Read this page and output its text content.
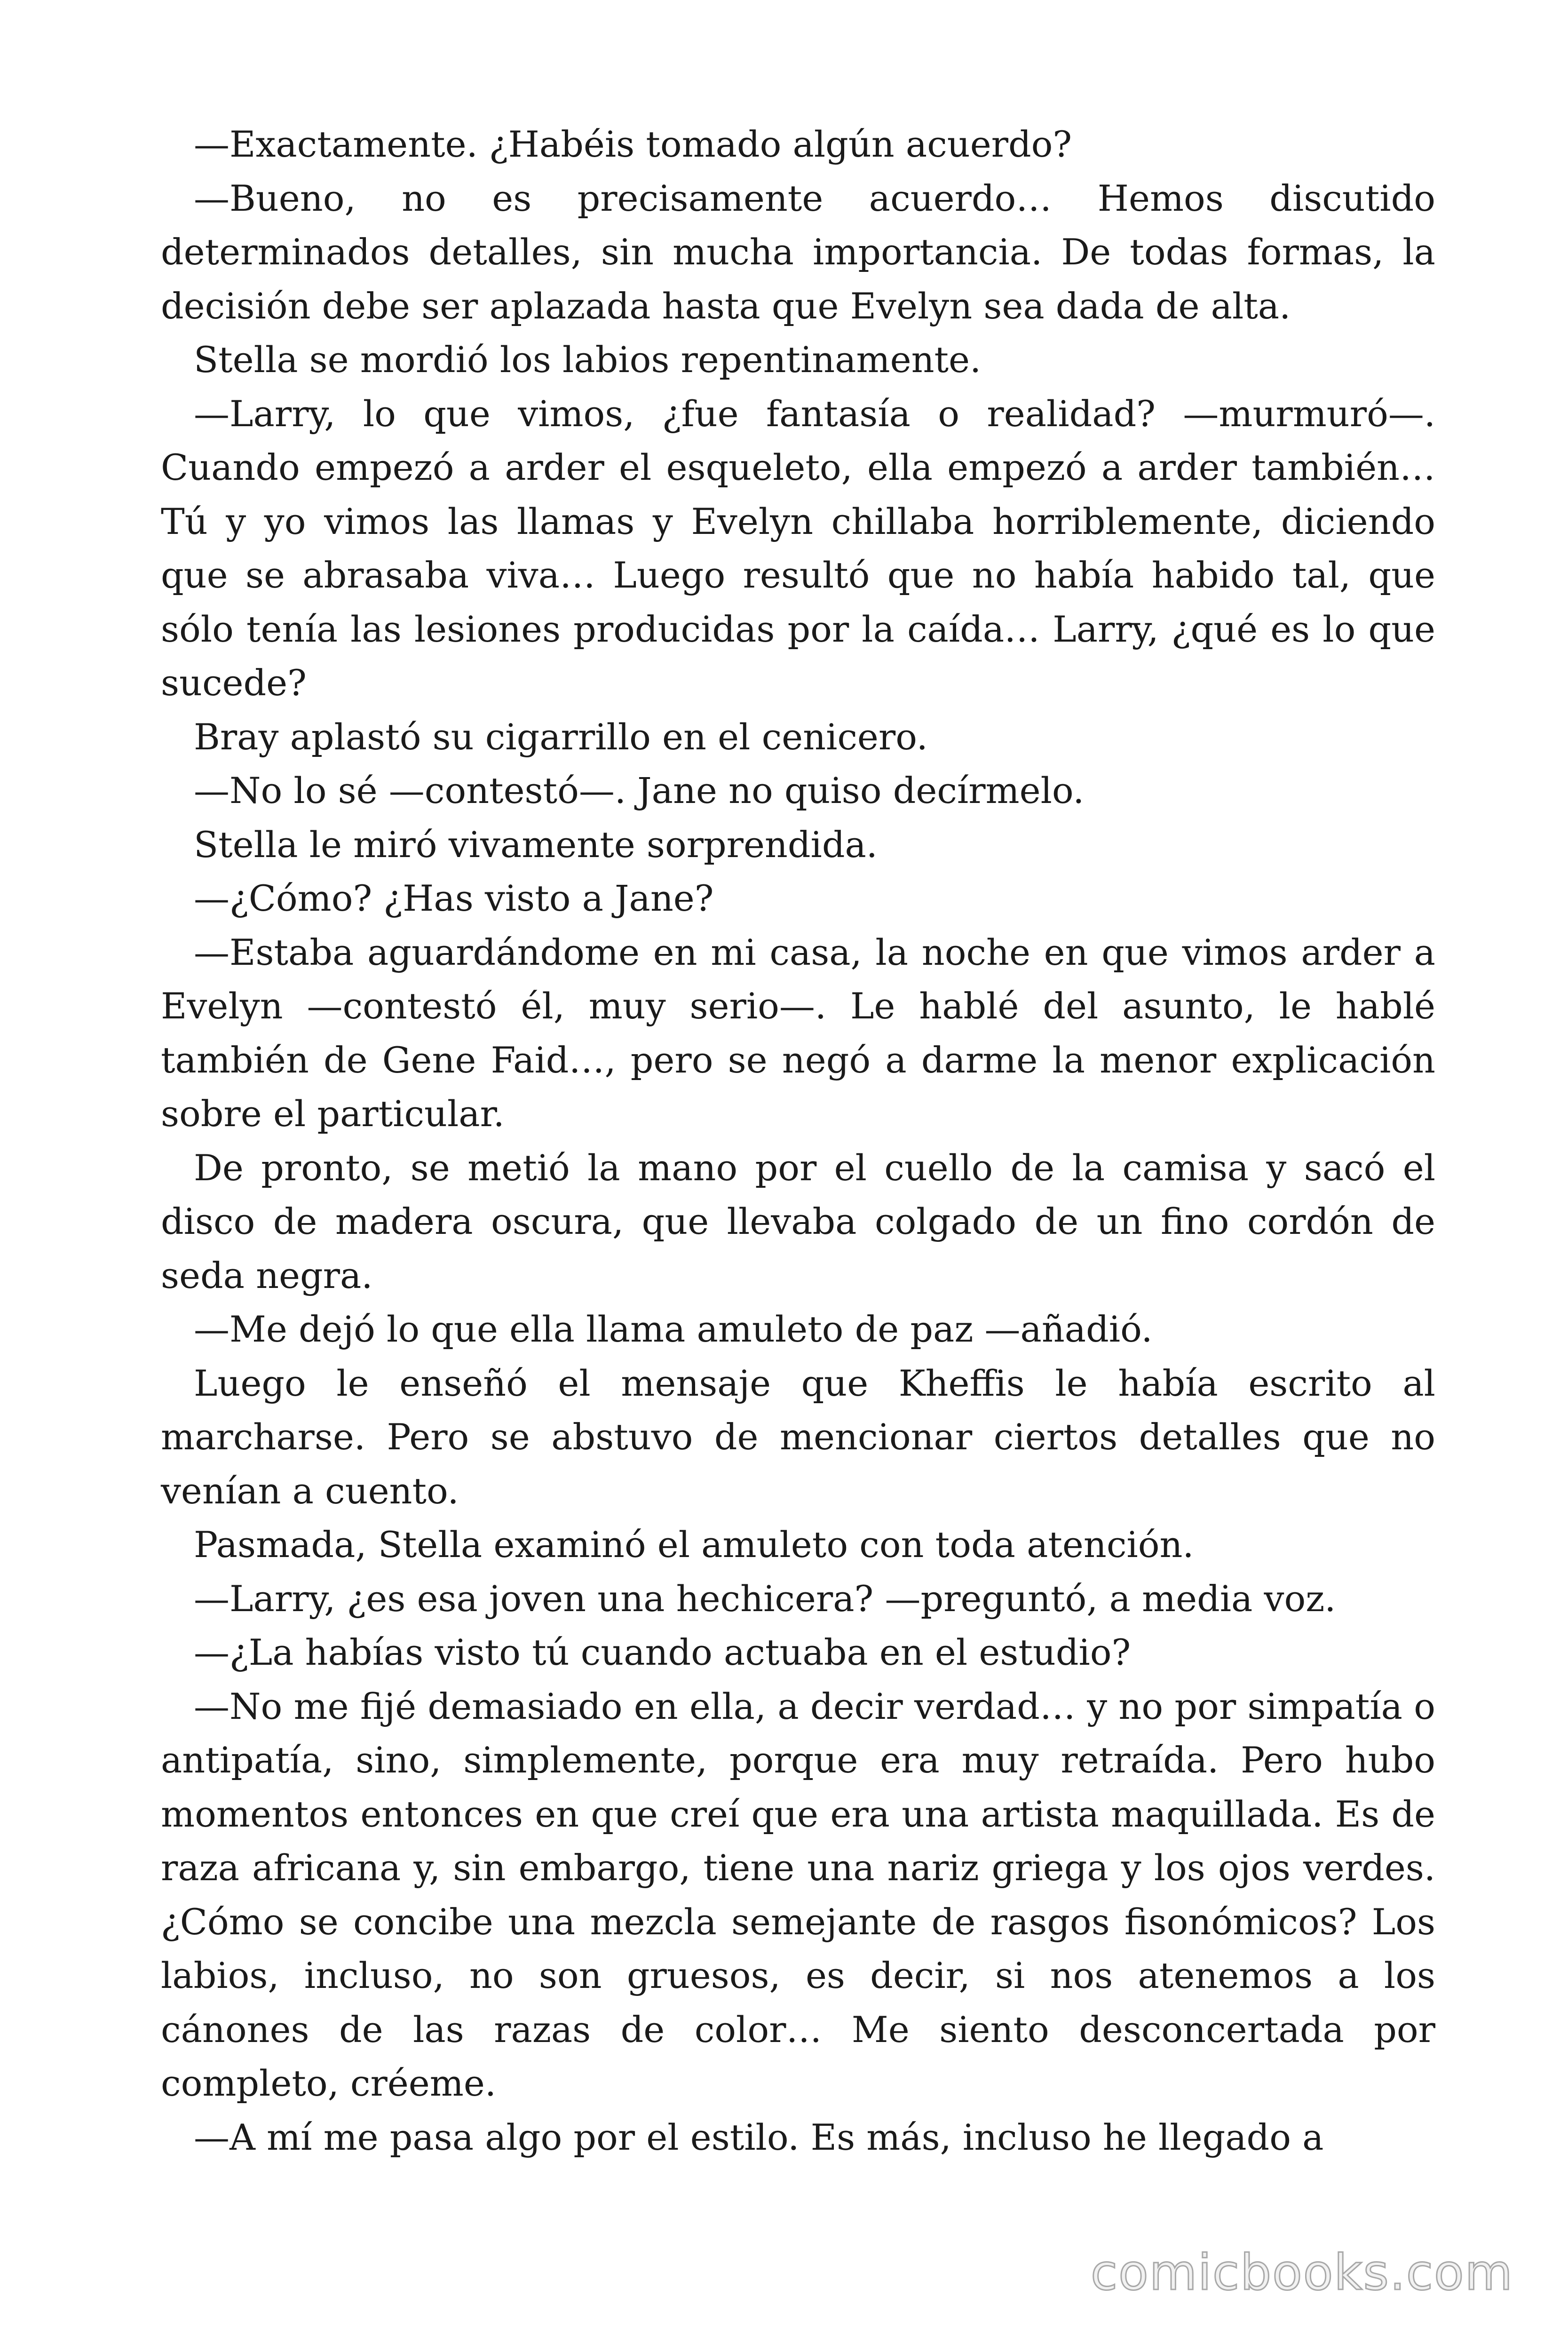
—Exactamente. ¿Habéis tomado algún acuerdo?

—Bueno, no es precisamente acuerdo… Hemos discutido determinados detalles, sin mucha importancia. De todas formas, la decisión debe ser aplazada hasta que Evelyn sea dada de alta.

Stella se mordió los labios repentinamente.

—Larry, lo que vimos, ¿fue fantasía o realidad? —murmuró—. Cuando empezó a arder el esqueleto, ella empezó a arder también… Tú y yo vimos las llamas y Evelyn chillaba horriblemente, diciendo que se abrasaba viva… Luego resultó que no había habido tal, que sólo tenía las lesiones producidas por la caída… Larry, ¿qué es lo que sucede?

Bray aplastó su cigarrillo en el cenicero.

—No lo sé —contestó—. Jane no quiso decírmelo.

Stella le miró vivamente sorprendida.

—¿Cómo? ¿Has visto a Jane?

—Estaba aguardándome en mi casa, la noche en que vimos arder a Evelyn —contestó él, muy serio—. Le hablé del asunto, le hablé también de Gene Faid…, pero se negó a darme la menor explicación sobre el particular.

De pronto, se metió la mano por el cuello de la camisa y sacó el disco de madera oscura, que llevaba colgado de un fino cordón de seda negra.

—Me dejó lo que ella llama amuleto de paz —añadió.

Luego le enseñó el mensaje que Kheffis le había escrito al marcharse. Pero se abstuvo de mencionar ciertos detalles que no venían a cuento.

Pasmada, Stella examinó el amuleto con toda atención.

—Larry, ¿es esa joven una hechicera? —preguntó, a media voz.

—¿La habías visto tú cuando actuaba en el estudio?

—No me fijé demasiado en ella, a decir verdad… y no por simpatía o antipatía, sino, simplemente, porque era muy retraída. Pero hubo momentos entonces en que creí que era una artista maquillada. Es de raza africana y, sin embargo, tiene una nariz griega y los ojos verdes. ¿Cómo se concibe una mezcla semejante de rasgos fisonómicos? Los labios, incluso, no son gruesos, es decir, si nos atenemos a los cánones de las razas de color… Me siento desconcertada por completo, créeme.

—A mí me pasa algo por el estilo. Es más, incluso he llegado a

comicbooks.com
